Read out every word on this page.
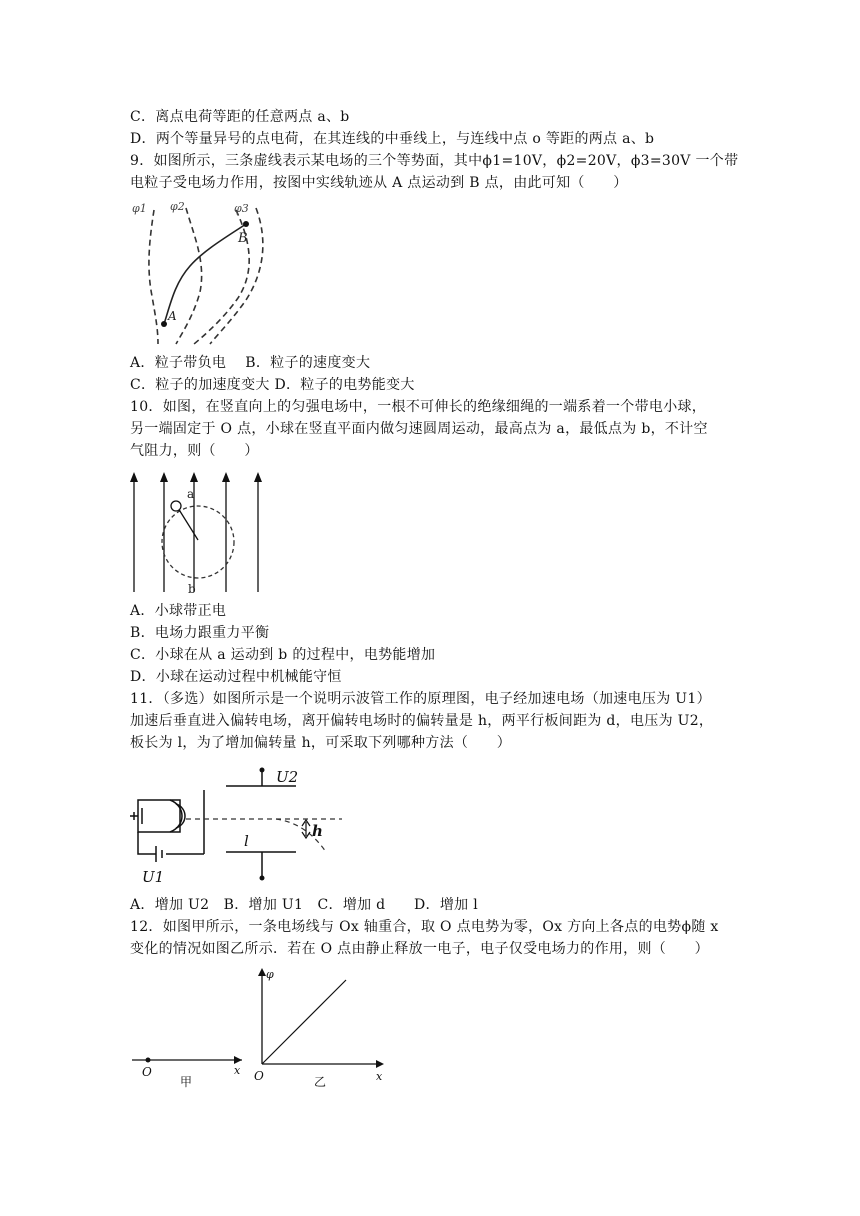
C．离点电荷等距的任意两点 a、b
D．两个等量异号的点电荷，在其连线的中垂线上，与连线中点 o 等距的两点 a、b
9．如图所示，三条虚线表示某电场的三个等势面，其中ϕ1=10V，ϕ2=20V，ϕ3=30V 一个带
电粒子受电场力作用，按图中实线轨迹从 A 点运动到 B 点，由此可知（　　）
φ1 φ2	φ3
A
B
A．粒子带负电　 B．粒子的速度变大
C．粒子的加速度变大 D．粒子的电势能变大
10．如图，在竖直向上的匀强电场中，一根不可伸长的绝缘细绳的一端系着一个带电小球，
另一端固定于 O 点，小球在竖直平面内做匀速圆周运动，最高点为 a，最低点为 b，不计空
气阻力，则（　　）
a
b
A．小球带正电
B．电场力跟重力平衡
C．小球在从 a 运动到 b 的过程中，电势能增加
D．小球在运动过程中机械能守恒
11．（多选）如图所示是一个说明示波管工作的原理图，电子经加速电场（加速电压为 U1）
加速后垂直进入偏转电场，离开偏转电场时的偏转量是 h，两平行板间距为 d，电压为 U2，
板长为 l，为了增加偏转量 h，可采取下列哪种方法（　　）
U2
h
l
U1
A．增加 U2　B．增加 U1　C．增加 d　　D．增加 l
12．如图甲所示，一条电场线与 Ox 轴重合，取 O 点电势为零，Ox 方向上各点的电势ϕ随 x
变化的情况如图乙所示．若在 O 点由静止释放一电子，电子仅受电场力的作用，则（　　）
O	x
甲
φ
O	x
乙
